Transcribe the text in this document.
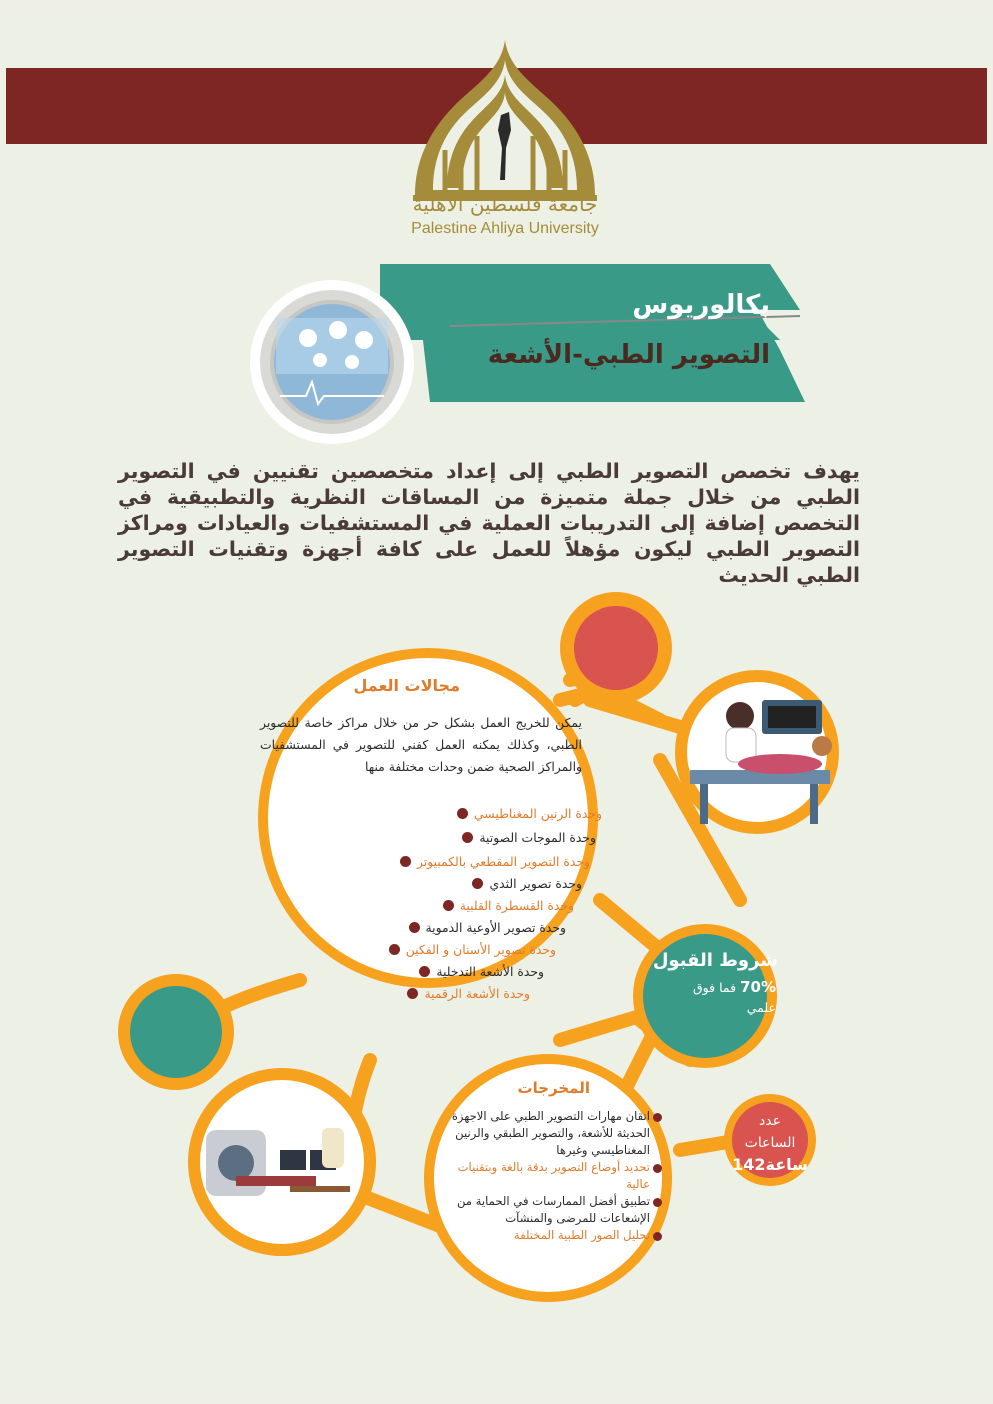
جامعة فلسطين الأهلية
Palestine Ahliya University
بكالوريوس
التصوير الطبي-الأشعة
يهدف تخصص التصوير الطبي إلى إعداد متخصصين تقنيين في التصوير الطبي من خلال جملة متميزة من المساقات النظرية والتطبيقية في التخصص إضافة إلى التدريبات العملية في المستشفيات والعيادات ومراكز التصوير الطبي ليكون مؤهلاً للعمل على كافة أجهزة وتقنيات التصوير الطبي الحديث
مجالات العمل
يمكن للخريج العمل بشكل حر من خلال مراكز خاصة للتصوير الطبي، وكذلك يمكنه العمل كفني للتصوير في المستشفيات والمراكز الصحية ضمن وحدات مختلفة منها
وحدة الرنين المغناطيسي
وحدة الموجات الصوتية
وحدة التصوير المقطعي بالكمبيوتر
وحدة تصوير الثدي
وحدة القسطرة القلبية
وحدة تصوير الأوعية الدموية
وحدة تصوير الأسنان و الفكين
وحدة الأشعة التدخلية
وحدة الأشعة الرقمية
شروط القبول
70% فما فوق
علمي
عدد
الساعات
142ساعة
المخرجات
اتقان مهارات التصوير الطبي على الاجهزة الحديثة للأشعة، والتصوير الطبقي والرنين المغناطيسي وغيرها
تحديد أوضاع التصوير بدقة بالغة وبتقنيات عالية
تطبيق أفضل الممارسات في الحماية من الإشعاعات للمرضى والمنشآت
تحليل الصور الطبية المختلفة
